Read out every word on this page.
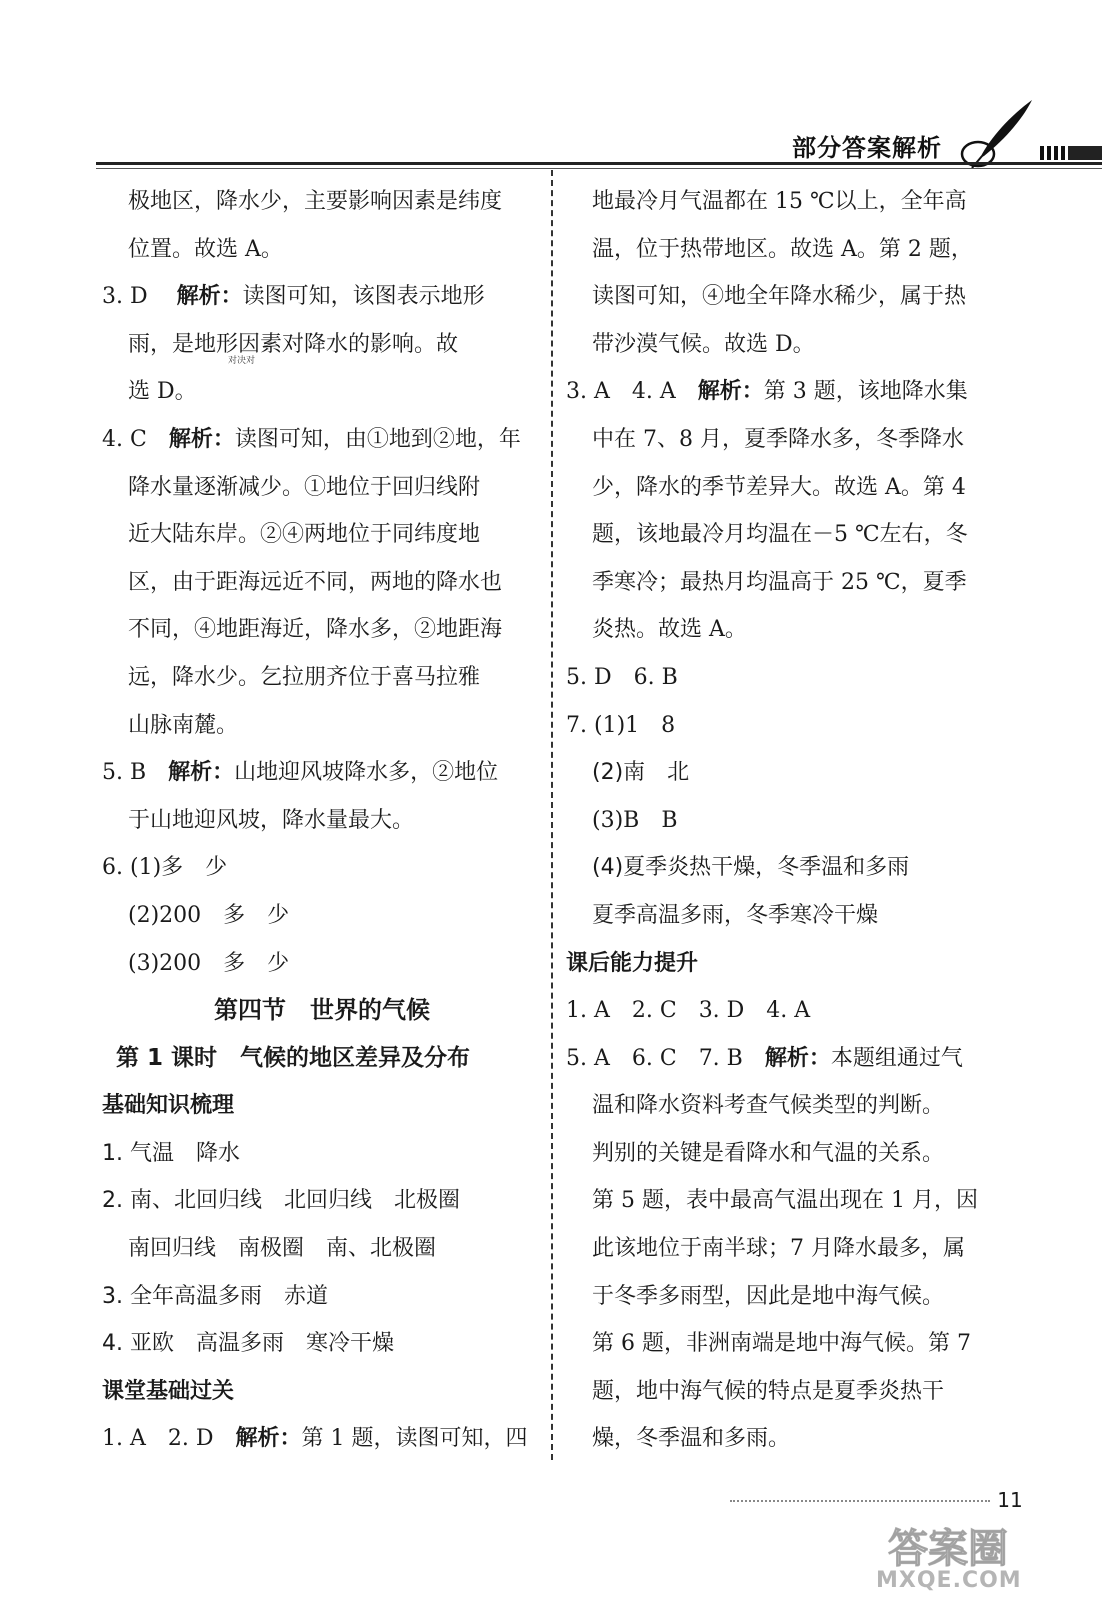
部分答案解析
极地区，降水少，主要影响因素是纬度
位置。故选 A。
3. D　 解析：读图可知，该图表示地形
雨，是地形因素对降水的影响。故
选 D。
4. C　解析：读图可知，由①地到②地，年
降水量逐渐减少。①地位于回归线附
近大陆东岸。②④两地位于同纬度地
区，由于距海远近不同，两地的降水也
不同，④地距海近，降水多，②地距海
远，降水少。乞拉朋齐位于喜马拉雅
山脉南麓。
5. B　解析：山地迎风坡降水多，②地位
于山地迎风坡，降水量最大。
6. (1)多　少
(2)200　多　少
(3)200　多　少
第四节　世界的气候
第 1 课时　气候的地区差异及分布
基础知识梳理
1. 气温　降水
2. 南、北回归线　北回归线　北极圈
南回归线　南极圈　南、北极圈
3. 全年高温多雨　赤道
4. 亚欧　高温多雨　寒冷干燥
课堂基础过关
1. A　2. D　解析：第 1 题，读图可知，四
地最冷月气温都在 15 ℃以上，全年高
温，位于热带地区。故选 A。第 2 题，
读图可知，④地全年降水稀少，属于热
带沙漠气候。故选 D。
3. A　4. A　解析：第 3 题，该地降水集
中在 7、8 月，夏季降水多，冬季降水
少，降水的季节差异大。故选 A。第 4
题，该地最冷月均温在－5 ℃左右，冬
季寒冷；最热月均温高于 25 ℃，夏季
炎热。故选 A。
5. D　6. B
7. (1)1　8
(2)南　北
(3)B　B
(4)夏季炎热干燥，冬季温和多雨
夏季高温多雨，冬季寒冷干燥
课后能力提升
1. A　2. C　3. D　4. A
5. A　6. C　7. B　解析：本题组通过气
温和降水资料考查气候类型的判断。
判别的关键是看降水和气温的关系。
第 5 题，表中最高气温出现在 1 月，因
此该地位于南半球；7 月降水最多，属
于冬季多雨型，因此是地中海气候。
第 6 题，非洲南端是地中海气候。第 7
题，地中海气候的特点是夏季炎热干
燥，冬季温和多雨。
对决对
11
答案圈
MXQE.COM
